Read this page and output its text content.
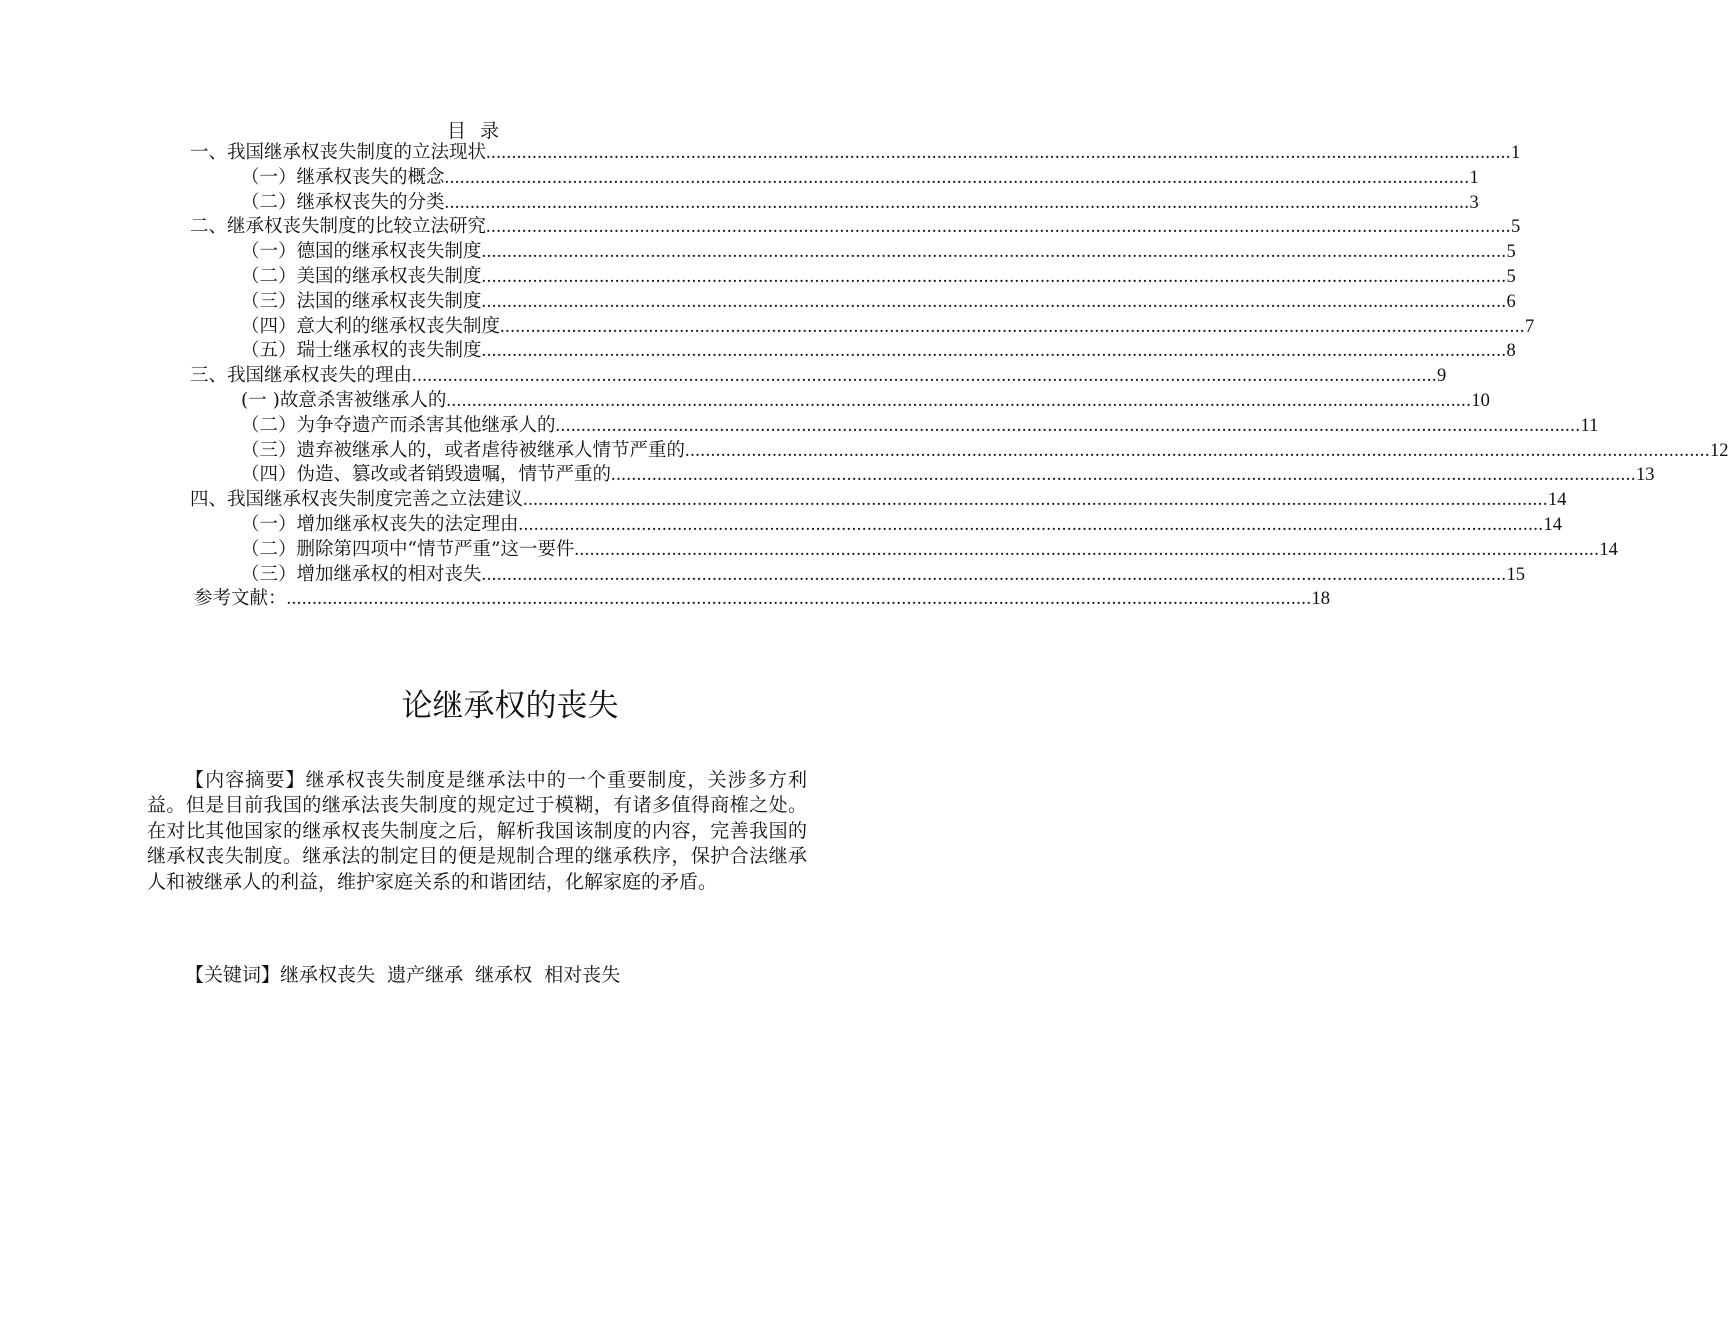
目 录
一、我国继承权丧失制度的立法现状 ........................................................................................................................................................................................................ 1
（一）继承权丧失的概念 ........................................................................................................................................................................................................ 1
（二）继承权丧失的分类 ........................................................................................................................................................................................................ 3
二、继承权丧失制度的比较立法研究 ........................................................................................................................................................................................................ 5
（一）德国的继承权丧失制度 ........................................................................................................................................................................................................ 5
（二）美国的继承权丧失制度 ........................................................................................................................................................................................................ 5
（三）法国的继承权丧失制度 ........................................................................................................................................................................................................ 6
（四）意大利的继承权丧失制度 ........................................................................................................................................................................................................ 7
（五）瑞士继承权的丧失制度 ........................................................................................................................................................................................................ 8
三、我国继承权丧失的理由 ........................................................................................................................................................................................................ 9
(一 )故意杀害被继承人的 ........................................................................................................................................................................................................ 10
（二）为争夺遗产而杀害其他继承人的 ........................................................................................................................................................................................................ 11
（三）遗弃被继承人的，或者虐待被继承人情节严重的 ........................................................................................................................................................................................................ 12
（四）伪造、篡改或者销毁遗嘱，情节严重的 ........................................................................................................................................................................................................ 13
四、我国继承权丧失制度完善之立法建议 ........................................................................................................................................................................................................ 14
（一）增加继承权丧失的法定理由 ........................................................................................................................................................................................................ 14
（二）删除第四项中“情节严重”这一要件 ........................................................................................................................................................................................................ 14
（三）增加继承权的相对丧失 ........................................................................................................................................................................................................ 15
参考文献： ........................................................................................................................................................................................................ 18
论继承权的丧失

【内容摘要】继承权丧失制度是继承法中的一个重要制度，关涉多方利益。但是目前我国的继承法丧失制度的规定过于模糊，有诸多值得商榷之处。在对比其他国家的继承权丧失制度之后，解析我国该制度的内容，完善我国的继承权丧失制度。继承法的制定目的便是规制合理的继承秩序，保护合法继承人和被继承人的利益，维护家庭关系的和谐团结，化解家庭的矛盾。

【关键词】继承权丧失  遗产继承  继承权  相对丧失
